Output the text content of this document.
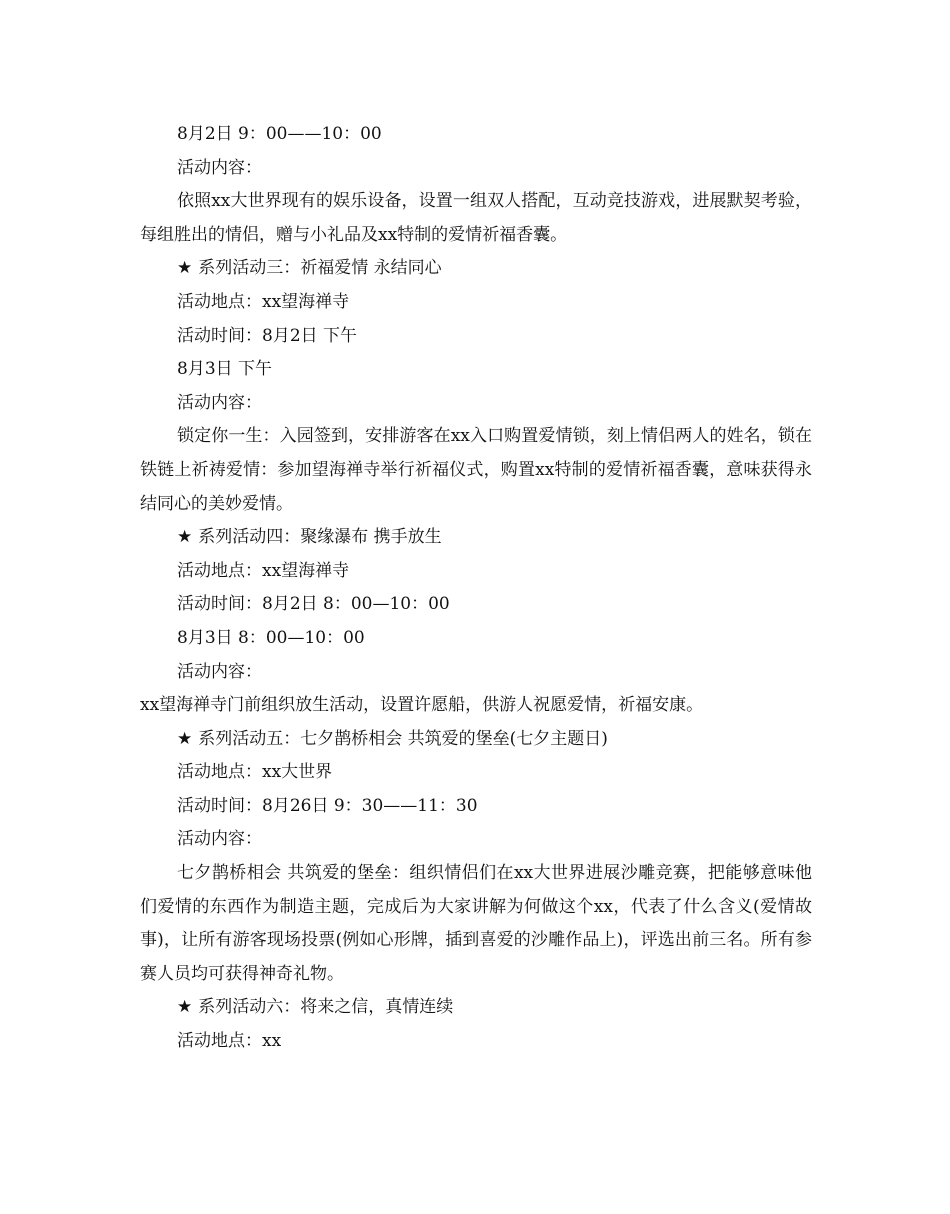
8月2日 9：00——10：00
活动内容：
依照xx大世界现有的娱乐设备，设置一组双人搭配，互动竞技游戏，进展默契考验，每组胜出的情侣，赠与小礼品及xx特制的爱情祈福香囊。
★ 系列活动三：祈福爱情 永结同心
活动地点：xx望海禅寺
活动时间：8月2日 下午
8月3日 下午
活动内容：
锁定你一生：入园签到，安排游客在xx入口购置爱情锁，刻上情侣两人的姓名，锁在铁链上祈祷爱情：参加望海禅寺举行祈福仪式，购置xx特制的爱情祈福香囊，意味获得永结同心的美妙爱情。
★ 系列活动四：聚缘瀑布 携手放生
活动地点：xx望海禅寺
活动时间：8月2日 8：00—10：00
8月3日 8：00—10：00
活动内容：
xx望海禅寺门前组织放生活动，设置许愿船，供游人祝愿爱情，祈福安康。
★ 系列活动五：七夕鹊桥相会 共筑爱的堡垒(七夕主题日)
活动地点：xx大世界
活动时间：8月26日 9：30——11：30
活动内容：
七夕鹊桥相会 共筑爱的堡垒：组织情侣们在xx大世界进展沙雕竞赛，把能够意味他们爱情的东西作为制造主题，完成后为大家讲解为何做这个xx，代表了什么含义(爱情故事)，让所有游客现场投票(例如心形牌，插到喜爱的沙雕作品上)，评选出前三名。所有参赛人员均可获得神奇礼物。
★ 系列活动六：将来之信，真情连续
活动地点：xx
